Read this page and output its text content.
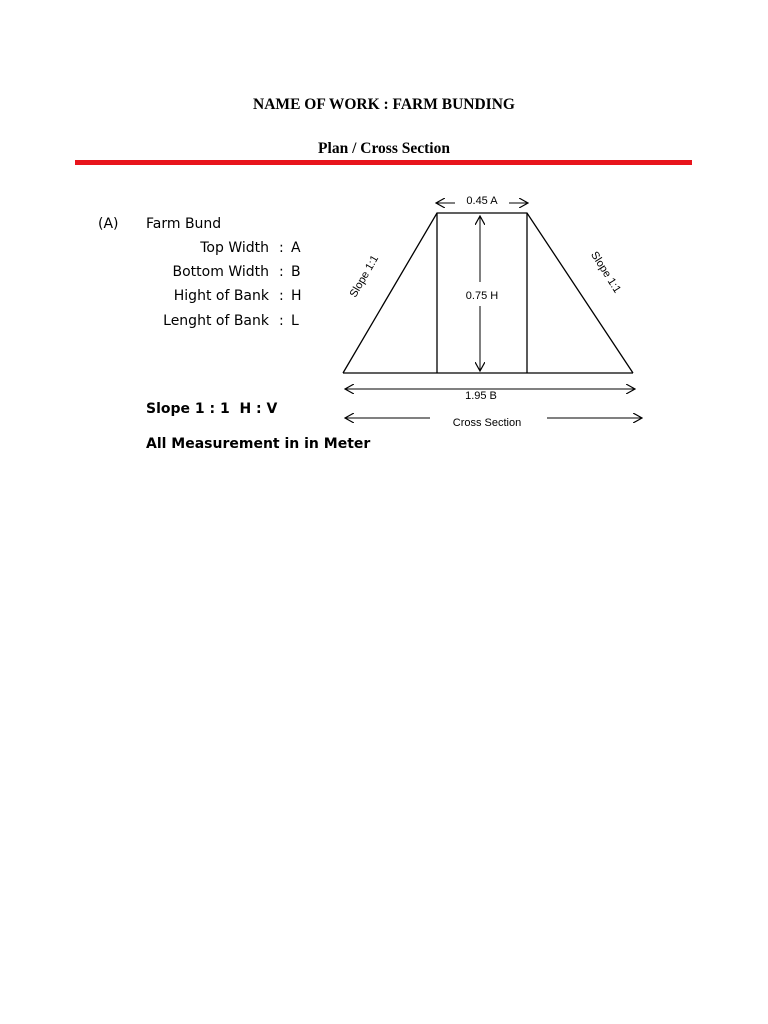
NAME OF WORK : FARM BUNDING
Plan / Cross Section
(A) Farm Bund
Top Width : A
Bottom Width : B
Hight of Bank : H
Lenght of Bank : L
Slope 1 : 1  H : V
All Measurement in in Meter
0.45 A
0.75 H
1.95 B
Cross Section
Slope 1:1	Slope 1:1
